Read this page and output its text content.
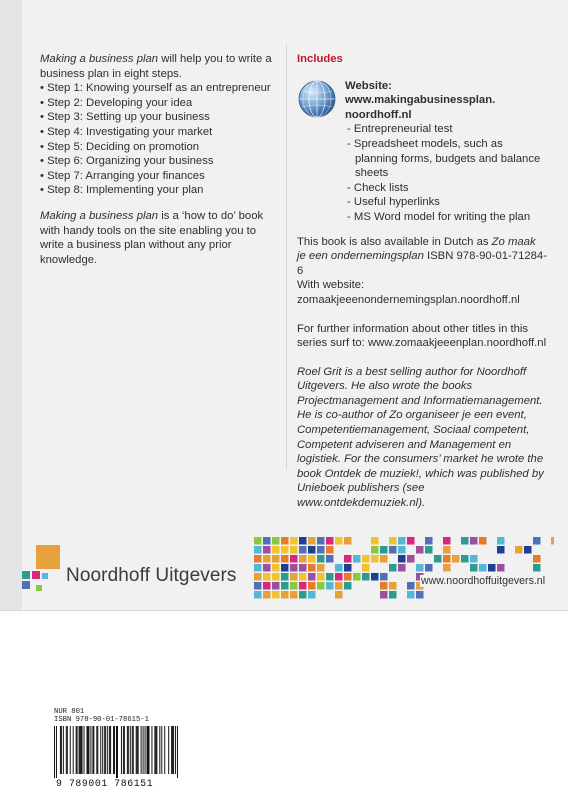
Making a business plan will help you to write a business plan in eight steps.

• Step 1: Knowing yourself as an entrepreneur
• Step 2: Developing your idea
• Step 3: Setting up your business
• Step 4: Investigating your market
• Step 5: Deciding on promotion
• Step 6: Organizing your business
• Step 7: Arranging your finances
• Step 8: Implementing your plan

Making a business plan is a ‘how to do’ book with handy tools on the site enabling you to write a business plan without any prior knowledge.

Includes
Website:
www.makingabusinessplan.
noordhoff.nl
- Entrepreneurial test
- Spreadsheet models, such as planning forms, budgets and balance sheets
- Check lists
- Useful hyperlinks
- MS Word model for writing the plan

This book is also available in Dutch as Zo maak je een ondernemingsplan ISBN 978-90-01-71284-6
With website: zomaakjeeenondernemingsplan.noordhoff.nl

For further information about other titles in this series surf to: www.zomaakjeeenplan.noordhoff.nl

Roel Grit is a best selling author for Noordhoff Uitgevers. He also wrote the books Projectmanagement and Informatiemanagement. He is co-author of Zo organiseer je een event, Competentiemanagement, Sociaal competent, Competent adviseren and Management en logistiek. For the consumers’ market he wrote the book Ontdek de muziek!, which was published by Unieboek publishers (see www.ontdekdemuziek.nl).

Noordhoff Uitgevers	www.noordhoffuitgevers.nl
NUR 801
ISBN 978-90-01-78615-1
9 789001 786151
